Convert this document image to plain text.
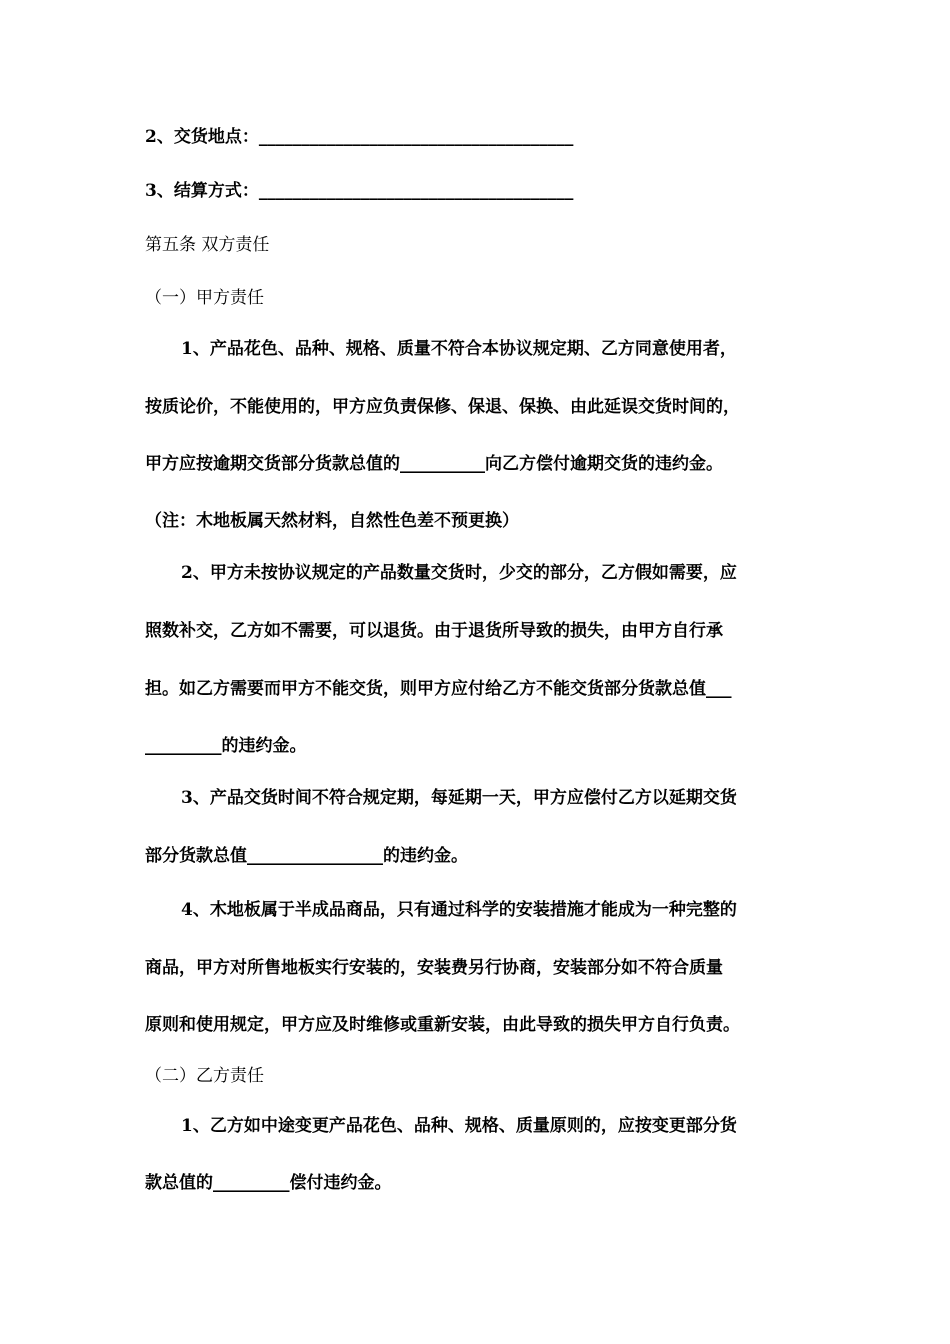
2、交货地点：_____________________________________
3、结算方式：_____________________________________
第五条 双方责任
（一）甲方责任
1、产品花色、品种、规格、质量不符合本协议规定期、乙方同意使用者，
按质论价，不能使用的，甲方应负责保修、保退、保换、由此延误交货时间的，
甲方应按逾期交货部分货款总值的__________向乙方偿付逾期交货的违约金。
（注：木地板属天然材料，自然性色差不预更换）
2、甲方未按协议规定的产品数量交货时，少交的部分，乙方假如需要，应
照数补交，乙方如不需要，可以退货。由于退货所导致的损失，由甲方自行承
担。如乙方需要而甲方不能交货，则甲方应付给乙方不能交货部分货款总值___
_________的违约金。
3、产品交货时间不符合规定期，每延期一天，甲方应偿付乙方以延期交货
部分货款总值________________的违约金。
4、木地板属于半成品商品，只有通过科学的安装措施才能成为一种完整的
商品，甲方对所售地板实行安装的，安装费另行协商，安装部分如不符合质量
原则和使用规定，甲方应及时维修或重新安装，由此导致的损失甲方自行负责。
（二）乙方责任
1、乙方如中途变更产品花色、品种、规格、质量原则的，应按变更部分货
款总值的_________偿付违约金。
